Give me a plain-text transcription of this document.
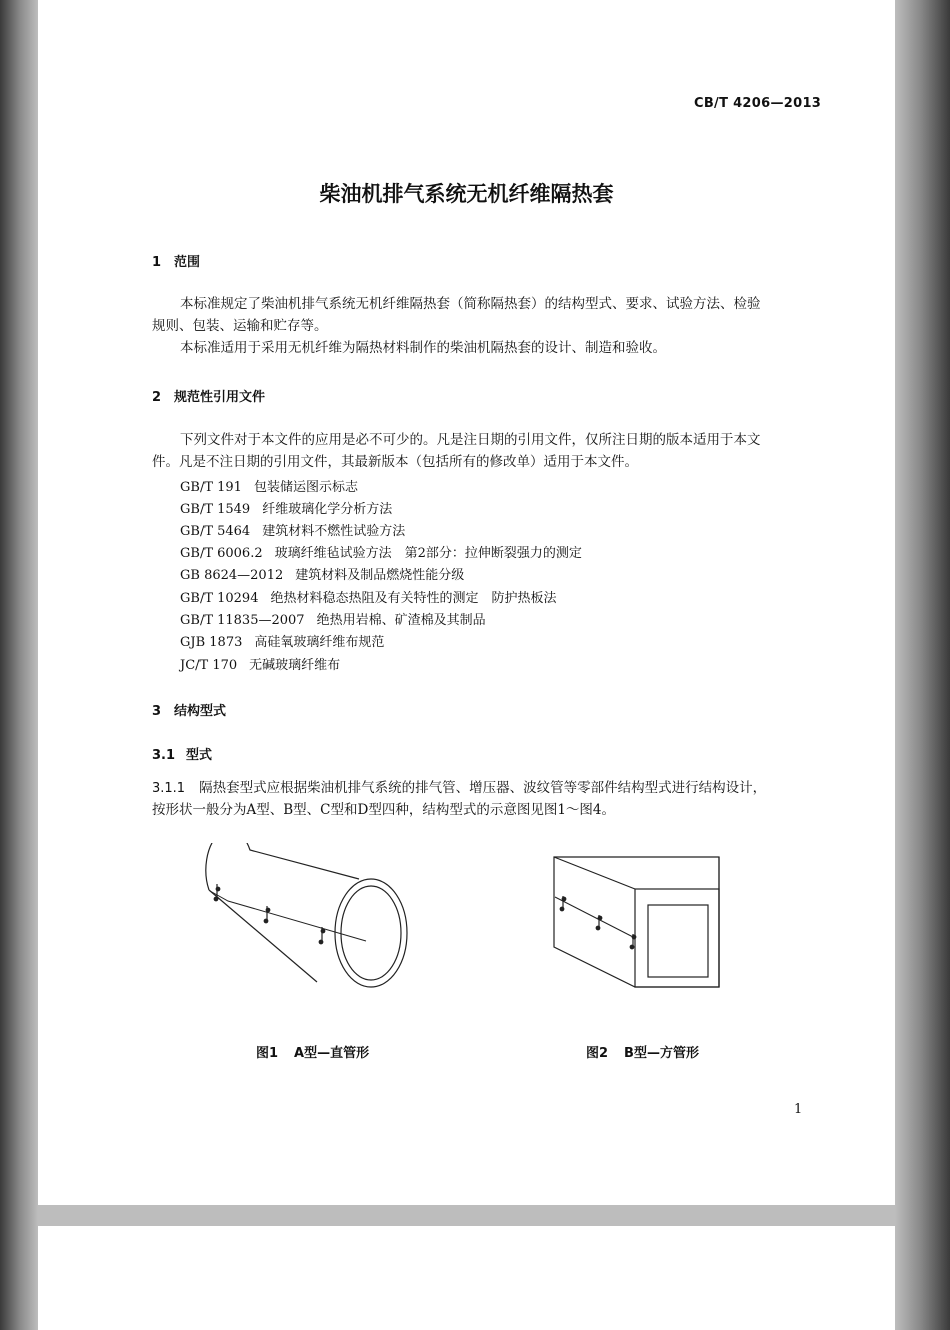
CB/T 4206—2013
柴油机排气系统无机纤维隔热套
1 范围
本标准规定了柴油机排气系统无机纤维隔热套（简称隔热套）的结构型式、要求、试验方法、检验
规则、包装、运输和贮存等。
本标准适用于采用无机纤维为隔热材料制作的柴油机隔热套的设计、制造和验收。
2 规范性引用文件
下列文件对于本文件的应用是必不可少的。凡是注日期的引用文件，仅所注日期的版本适用于本文
件。凡是不注日期的引用文件，其最新版本（包括所有的修改单）适用于本文件。
GB/T 191 包装储运图示标志
GB/T 1549 纤维玻璃化学分析方法
GB/T 5464 建筑材料不燃性试验方法
GB/T 6006.2 玻璃纤维毡试验方法　第2部分：拉伸断裂强力的测定
GB 8624—2012 建筑材料及制品燃烧性能分级
GB/T 10294 绝热材料稳态热阻及有关特性的测定　防护热板法
GB/T 11835—2007 绝热用岩棉、矿渣棉及其制品
GJB 1873 高硅氧玻璃纤维布规范
JC/T 170 无碱玻璃纤维布
3 结构型式
3.1 型式
3.1.1 隔热套型式应根据柴油机排气系统的排气管、增压器、波纹管等零部件结构型式进行结构设计，
按形状一般分为A型、B型、C型和D型四种，结构型式的示意图见图1～图4。
图1 A型—直管形	图2 B型—方管形
1
